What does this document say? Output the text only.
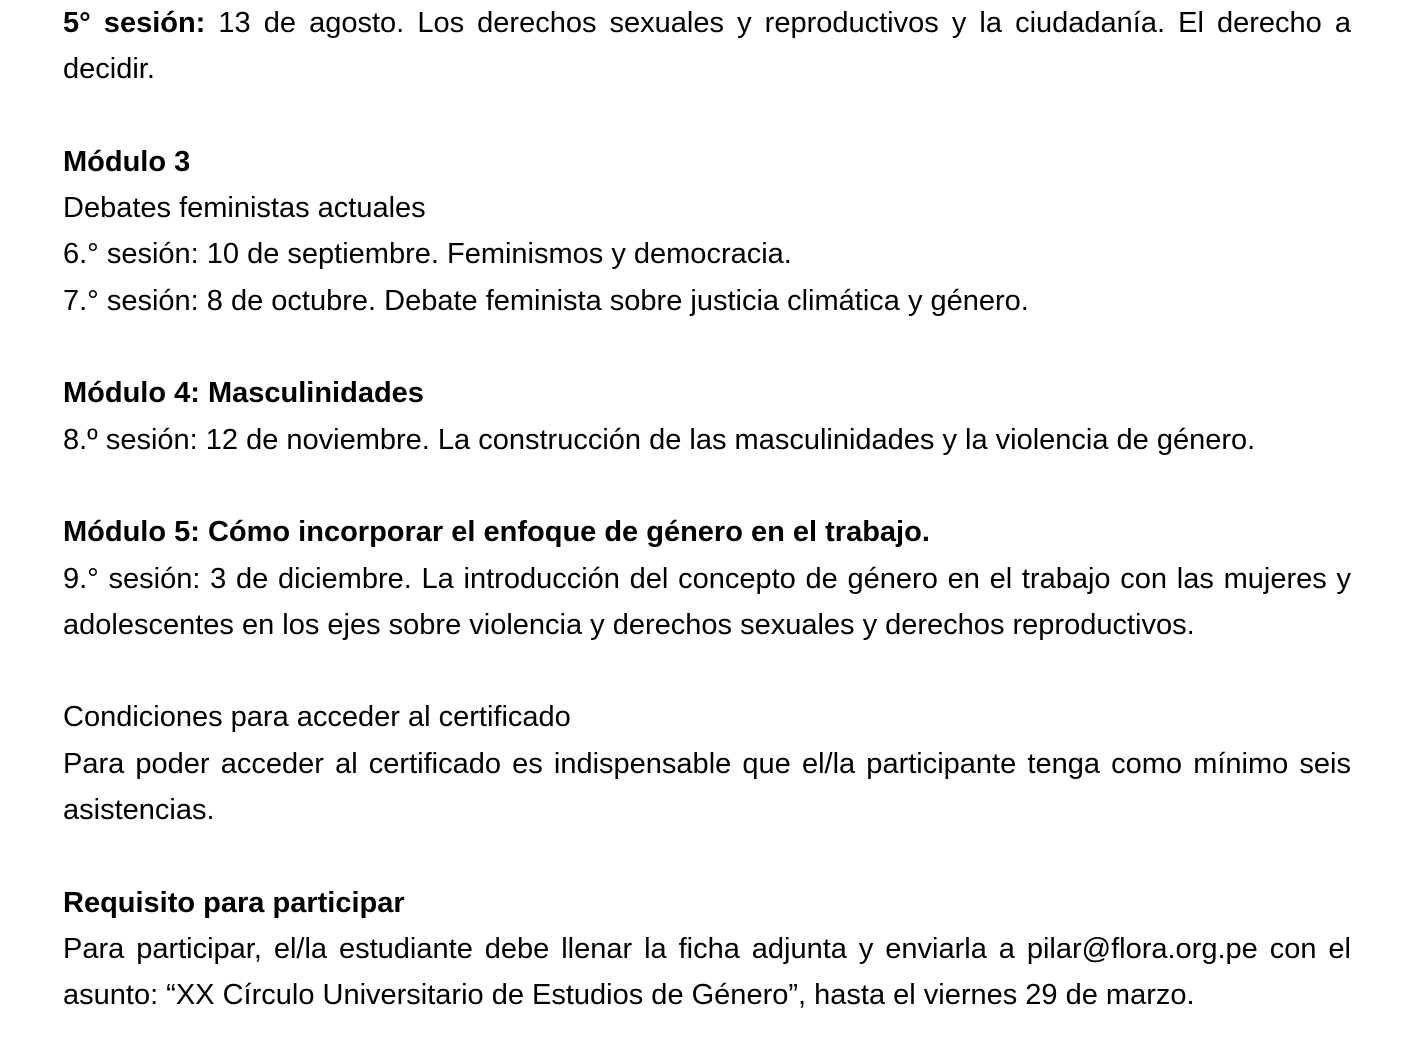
5° sesión: 13 de agosto. Los derechos sexuales y reproductivos y la ciudadanía. El derecho a decidir.

Módulo 3

Debates feministas actuales

6.° sesión: 10 de septiembre. Feminismos y democracia.

7.° sesión: 8 de octubre. Debate feminista sobre justicia climática y género.

Módulo 4: Masculinidades

8.º sesión: 12 de noviembre. La construcción de las masculinidades y la violencia de género.

Módulo 5: Cómo incorporar el enfoque de género en el trabajo.

9.° sesión: 3 de diciembre. La introducción del concepto de género en el trabajo con las mujeres y adolescentes en los ejes sobre violencia y derechos sexuales y derechos reproductivos.

Condiciones para acceder al certificado

Para poder acceder al certificado es indispensable que el/la participante tenga como mínimo seis asistencias.

Requisito para participar

Para participar, el/la estudiante debe llenar la ficha adjunta y enviarla a pilar@flora.org.pe con el asunto: “XX Círculo Universitario de Estudios de Género”, hasta el viernes 29 de marzo.
